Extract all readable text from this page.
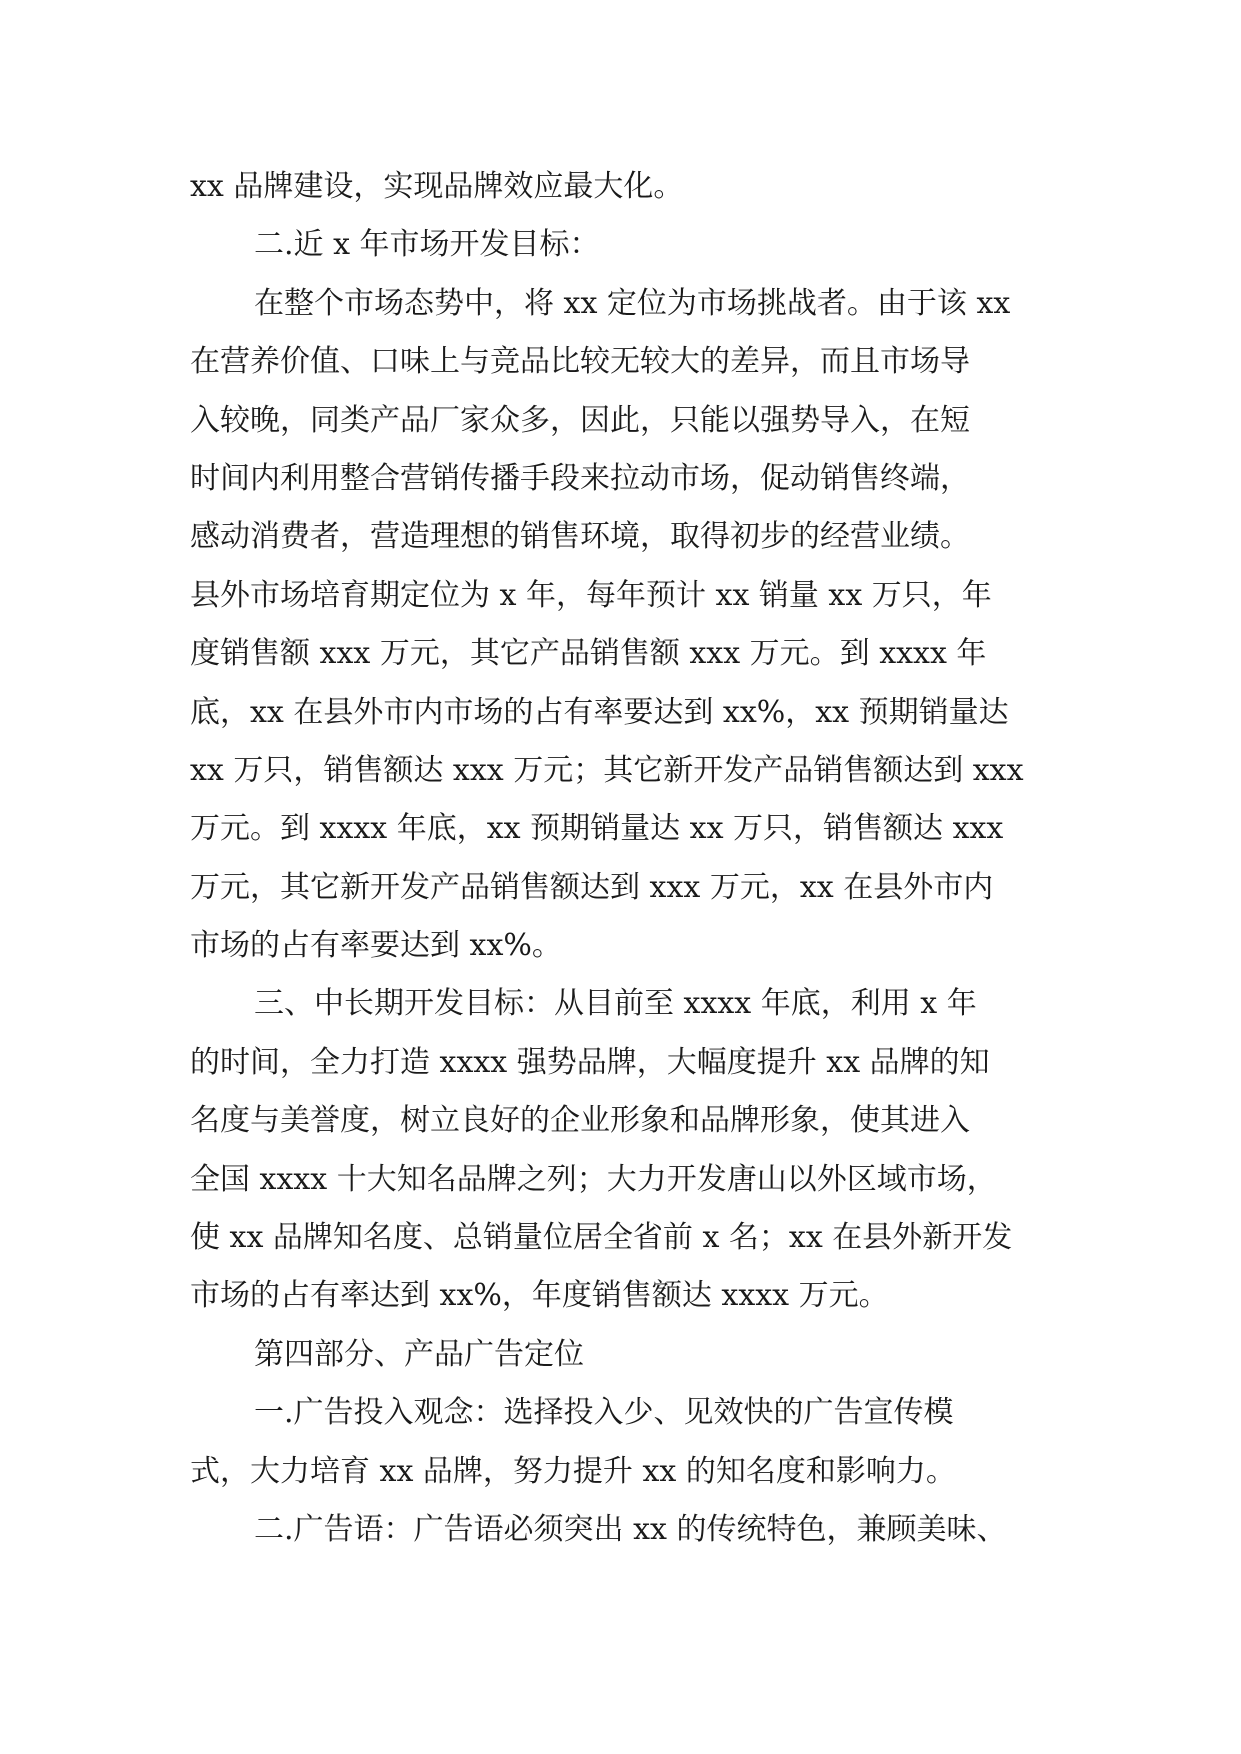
xx 品牌建设，实现品牌效应最大化。
二.近 x 年市场开发目标：
在整个市场态势中，将 xx 定位为市场挑战者。由于该 xx
在营养价值、口味上与竞品比较无较大的差异，而且市场导
入较晚，同类产品厂家众多，因此，只能以强势导入，在短
时间内利用整合营销传播手段来拉动市场，促动销售终端，
感动消费者，营造理想的销售环境，取得初步的经营业绩。
县外市场培育期定位为 x 年，每年预计 xx 销量 xx 万只，年
度销售额 xxx 万元，其它产品销售额 xxx 万元。到 xxxx 年
底，xx 在县外市内市场的占有率要达到 xx%，xx 预期销量达
xx 万只，销售额达 xxx 万元；其它新开发产品销售额达到 xxx
万元。到 xxxx 年底，xx 预期销量达 xx 万只，销售额达 xxx
万元，其它新开发产品销售额达到 xxx 万元，xx 在县外市内
市场的占有率要达到 xx%。
三、中长期开发目标：从目前至 xxxx 年底，利用 x 年
的时间，全力打造 xxxx 强势品牌，大幅度提升 xx 品牌的知
名度与美誉度，树立良好的企业形象和品牌形象，使其进入
全国 xxxx 十大知名品牌之列；大力开发唐山以外区域市场，
使 xx 品牌知名度、总销量位居全省前 x 名；xx 在县外新开发
市场的占有率达到 xx%，年度销售额达 xxxx 万元。
第四部分、产品广告定位
一.广告投入观念：选择投入少、见效快的广告宣传模
式，大力培育 xx 品牌，努力提升 xx 的知名度和影响力。
二.广告语：广告语必须突出 xx 的传统特色，兼顾美味、
